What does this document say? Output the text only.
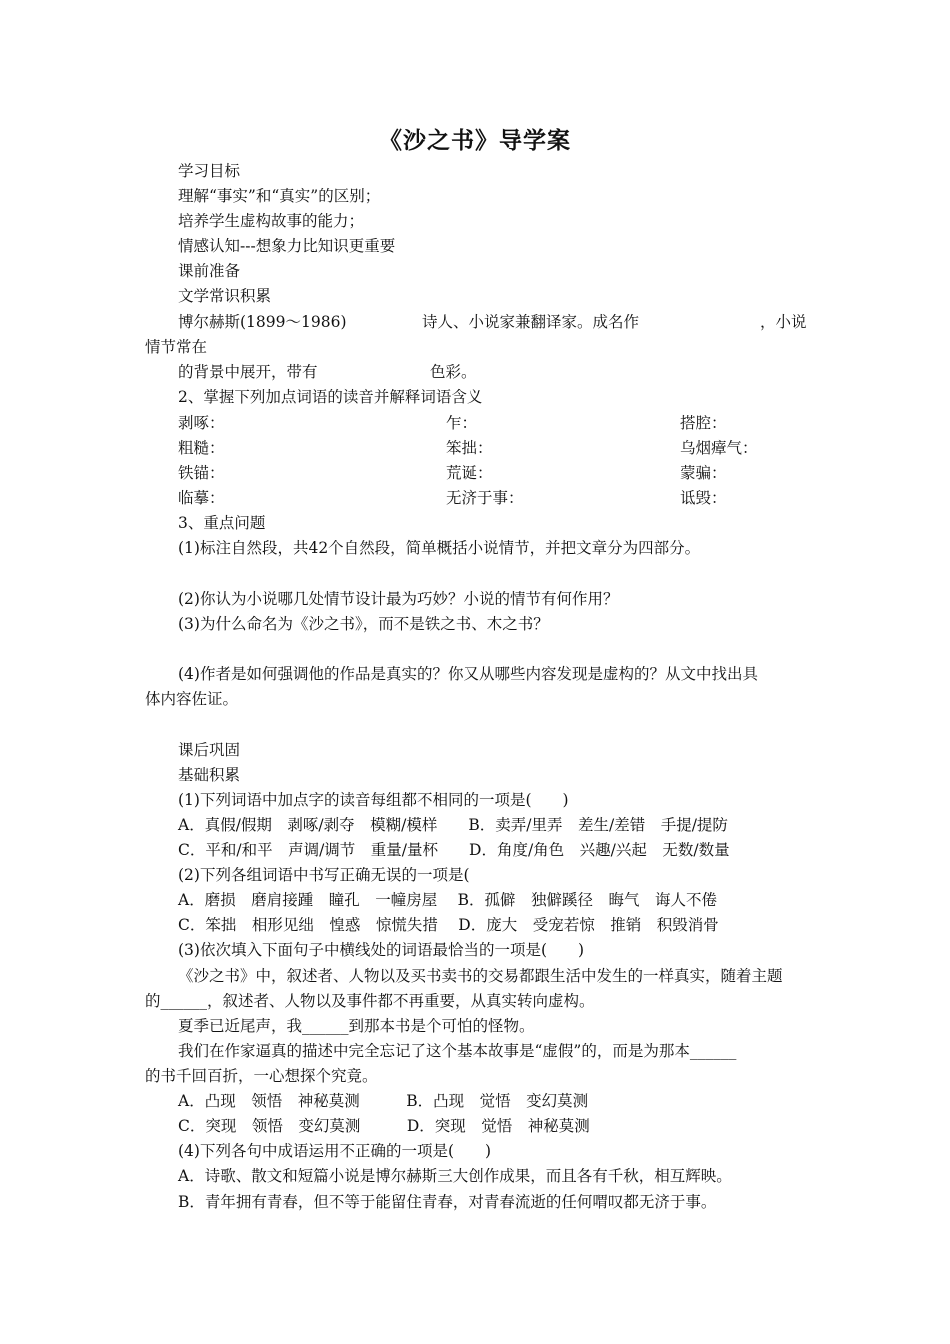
《沙之书》导学案
学习目标
理解“事实”和“真实”的区别；
培养学生虚构故事的能力；
情感认知---想象力比知识更重要
课前准备
文学常识积累
博尔赫斯(1899～1986)	诗人、小说家兼翻译家。成名作	，小说
情节常在
的背景中展开，带有	色彩。
2、掌握下列加点词语的读音并解释词语含义
剥啄：	乍：	搭腔：
粗糙：	笨拙：	乌烟瘴气：
铁锚：	荒诞：	蒙骗：
临摹：	无济于事：	诋毁：
3、重点问题
(1)标注自然段，共42个自然段，简单概括小说情节，并把文章分为四部分。
(2)你认为小说哪几处情节设计最为巧妙？小说的情节有何作用？
(3)为什么命名为《沙之书》，而不是铁之书、木之书？
(4)作者是如何强调他的作品是真实的？你又从哪些内容发现是虚构的？从文中找出具
体内容佐证。
课后巩固
基础积累
(1)下列词语中加点字的读音每组都不相同的一项是(　　)
A．真假/假期　剥啄/剥夺　模糊/模样　　B．卖弄/里弄　差生/差错　手提/提防
C．平和/和平　声调/调节　重量/量杯　　D．角度/角色　兴趣/兴起　无数/数量
(2)下列各组词语中书写正确无误的一项是(
A．磨损　磨肩接踵　瞳孔　一幢房屋　 B．孤僻　独僻蹊径　晦气　诲人不倦
C．笨拙　相形见绌　惶惑　惊慌失措　 D．庞大　受宠若惊　推销　积毁消骨
(3)依次填入下面句子中横线处的词语最恰当的一项是(　　)
《沙之书》中，叙述者、人物以及买书卖书的交易都跟生活中发生的一样真实，随着主题
的______，叙述者、人物以及事件都不再重要，从真实转向虚构。
夏季已近尾声，我______到那本书是个可怕的怪物。
我们在作家逼真的描述中完全忘记了这个基本故事是“虚假”的，而是为那本______
的书千回百折，一心想探个究竟。
A．凸现　领悟　神秘莫测　　　B．凸现　觉悟　变幻莫测
C．突现　领悟　变幻莫测　　　D．突现　觉悟　神秘莫测
(4)下列各句中成语运用不正确的一项是(　　)
A．诗歌、散文和短篇小说是博尔赫斯三大创作成果，而且各有千秋，相互辉映。
B．青年拥有青春，但不等于能留住青春，对青春流逝的任何喟叹都无济于事。
